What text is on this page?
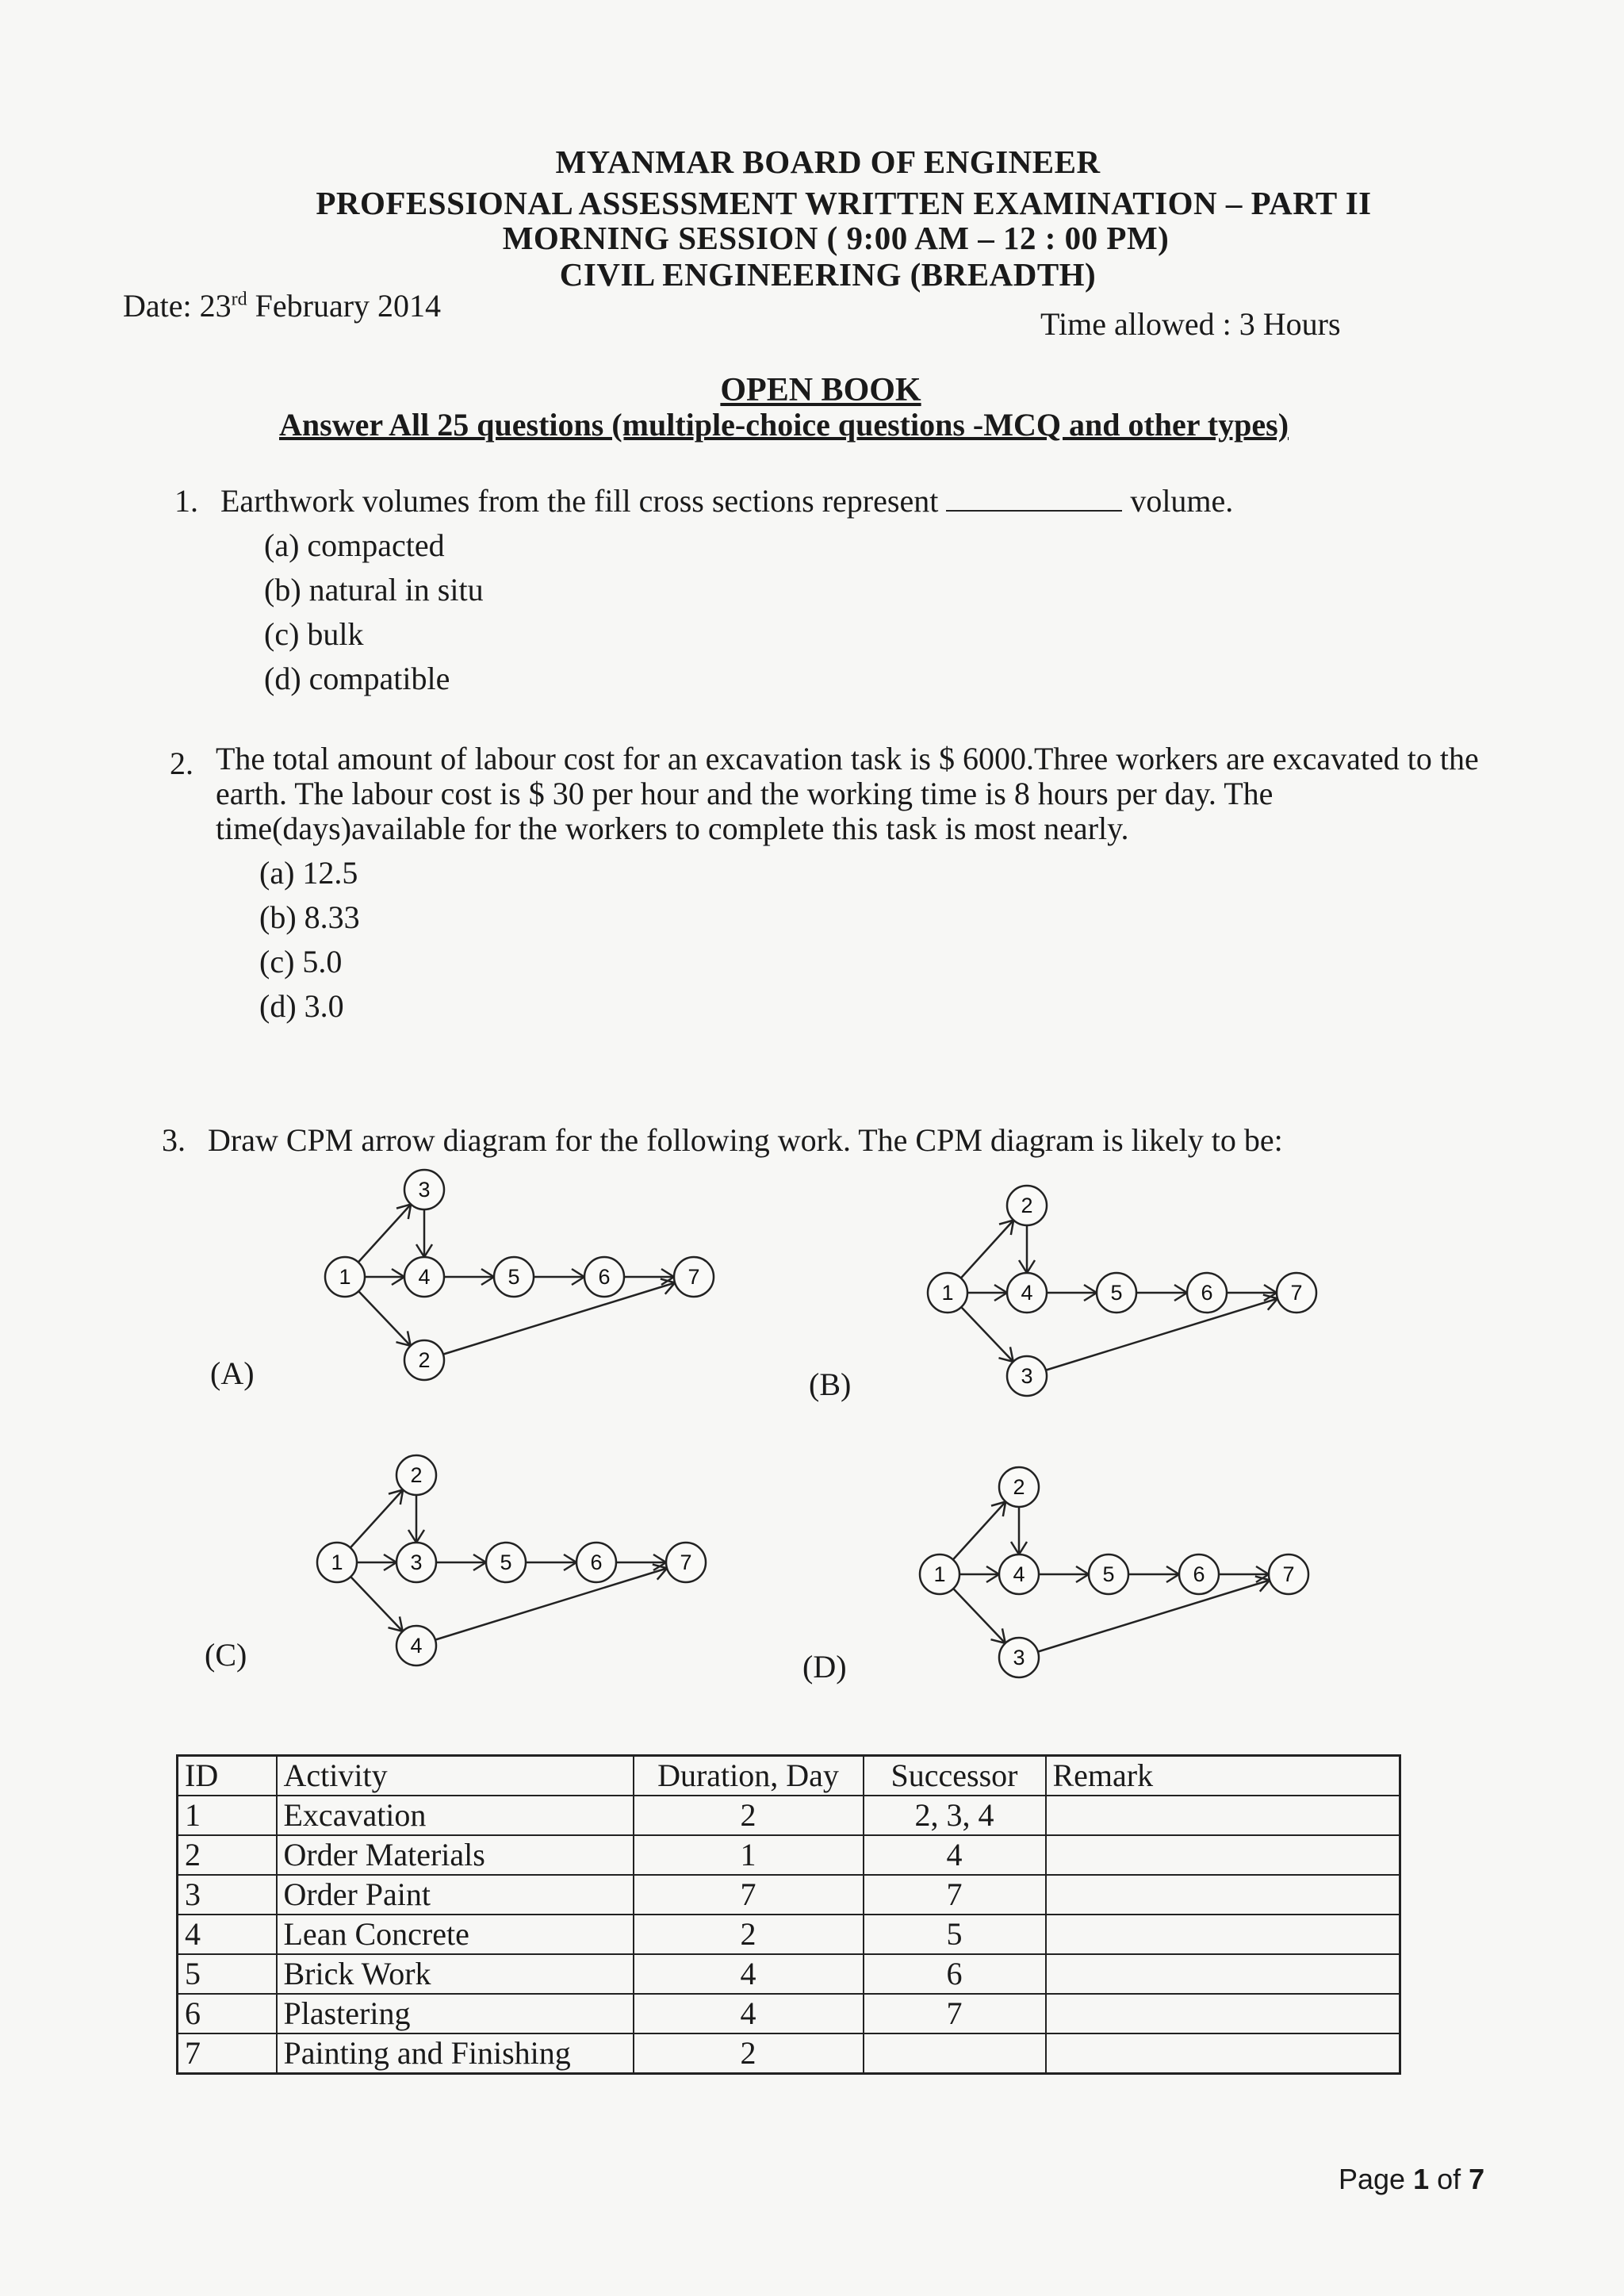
MYANMAR BOARD OF ENGINEER
PROFESSIONAL ASSESSMENT WRITTEN EXAMINATION – PART II
MORNING SESSION ( 9:00 AM – 12 : 00 PM)
CIVIL ENGINEERING (BREADTH)
Date: 23rd February 2014
Time allowed : 3 Hours
OPEN BOOK
Answer All 25 questions (multiple-choice questions -MCQ and other types)
1. Earthwork volumes from the fill cross sections represent	volume.
(a) compacted
(b) natural in situ
(c) bulk
(d) compatible
2. The total amount of labour cost for an excavation task is $ 6000.Three workers are excavated to the earth. The labour cost is $ 30 per hour and the working time is 8 hours per day. The time(days)available for the workers to complete this task is most nearly.
(a) 12.5
(b) 8.33
(c) 5.0
(d) 3.0
3. Draw CPM arrow diagram for the following work. The CPM diagram is likely to be:
(A)	(B)
(C)	(D)
1	4	5	6	7
3
2
1	4	5	6	7
2
3
1	3	5	6	7
2
4
1	4	5	6	7
2
3
ID	Activity	Duration, Day	Successor	Remark
1	Excavation	2	2, 3, 4	
2	Order Materials	1	4	
3	Order Paint	7	7	
4	Lean Concrete	2	5	
5	Brick Work	4	6	
6	Plastering	4	7	
7	Painting and Finishing	2		
Page 1 of 7
